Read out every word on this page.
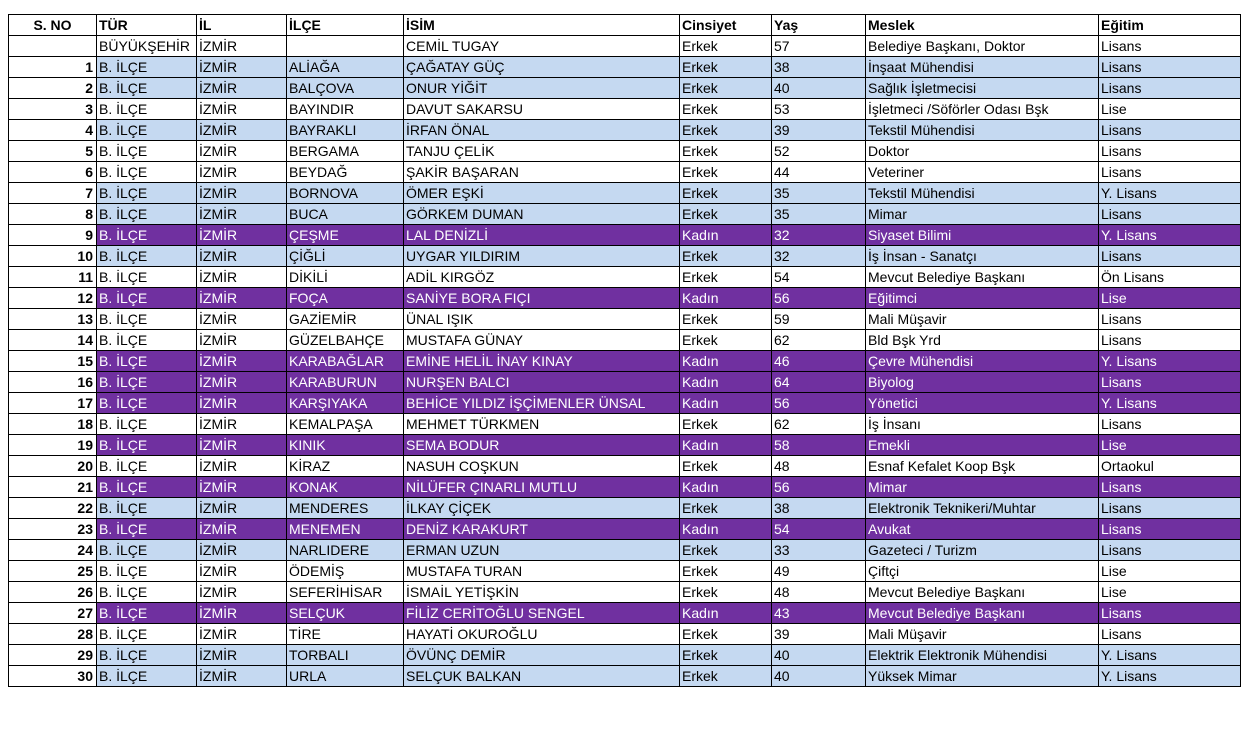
S. NO	TÜR	İL	İLÇE	İSİM	Cinsiyet	Yaş	Meslek	Eğitim
	BÜYÜKŞEHİR	İZMİR		CEMİL TUGAY	Erkek	57	Belediye Başkanı, Doktor	Lisans
1	B. İLÇE	İZMİR	ALİAĞA	ÇAĞATAY GÜÇ	Erkek	38	İnşaat Mühendisi	Lisans
2	B. İLÇE	İZMİR	BALÇOVA	ONUR YİĞİT	Erkek	40	Sağlık İşletmecisi	Lisans
3	B. İLÇE	İZMİR	BAYINDIR	DAVUT SAKARSU	Erkek	53	İşletmeci /Söförler Odası Bşk	Lise
4	B. İLÇE	İZMİR	BAYRAKLI	İRFAN ÖNAL	Erkek	39	Tekstil Mühendisi	Lisans
5	B. İLÇE	İZMİR	BERGAMA	TANJU ÇELİK	Erkek	52	Doktor	Lisans
6	B. İLÇE	İZMİR	BEYDAĞ	ŞAKİR BAŞARAN	Erkek	44	Veteriner	Lisans
7	B. İLÇE	İZMİR	BORNOVA	ÖMER EŞKİ	Erkek	35	Tekstil Mühendisi	Y. Lisans
8	B. İLÇE	İZMİR	BUCA	GÖRKEM DUMAN	Erkek	35	Mimar	Lisans
9	B. İLÇE	İZMİR	ÇEŞME	LAL DENİZLİ	Kadın	32	Siyaset Bilimi	Y. Lisans
10	B. İLÇE	İZMİR	ÇİĞLİ	UYGAR YILDIRIM	Erkek	32	İş İnsan - Sanatçı	Lisans
11	B. İLÇE	İZMİR	DİKİLİ	ADİL KIRGÖZ	Erkek	54	Mevcut Belediye Başkanı	Ön Lisans
12	B. İLÇE	İZMİR	FOÇA	SANİYE BORA FIÇI	Kadın	56	Eğitimci	Lise
13	B. İLÇE	İZMİR	GAZİEMİR	ÜNAL IŞIK	Erkek	59	Mali Müşavir	Lisans
14	B. İLÇE	İZMİR	GÜZELBAHÇE	MUSTAFA GÜNAY	Erkek	62	Bld Bşk Yrd	Lisans
15	B. İLÇE	İZMİR	KARABAĞLAR	EMİNE HELİL İNAY KINAY	Kadın	46	Çevre Mühendisi	Y. Lisans
16	B. İLÇE	İZMİR	KARABURUN	NURŞEN BALCI	Kadın	64	Biyolog	Lisans
17	B. İLÇE	İZMİR	KARŞIYAKA	BEHİCE YILDIZ İŞÇİMENLER ÜNSAL	Kadın	56	Yönetici	Y. Lisans
18	B. İLÇE	İZMİR	KEMALPAŞA	MEHMET TÜRKMEN	Erkek	62	İş İnsanı	Lisans
19	B. İLÇE	İZMİR	KINIK	SEMA BODUR	Kadın	58	Emekli	Lise
20	B. İLÇE	İZMİR	KİRAZ	NASUH COŞKUN	Erkek	48	Esnaf Kefalet Koop Bşk	Ortaokul
21	B. İLÇE	İZMİR	KONAK	NİLÜFER ÇINARLI MUTLU	Kadın	56	Mimar	Lisans
22	B. İLÇE	İZMİR	MENDERES	İLKAY ÇİÇEK	Erkek	38	Elektronik Teknikeri/Muhtar	Lisans
23	B. İLÇE	İZMİR	MENEMEN	DENİZ KARAKURT	Kadın	54	Avukat	Lisans
24	B. İLÇE	İZMİR	NARLIDERE	ERMAN UZUN	Erkek	33	Gazeteci / Turizm	Lisans
25	B. İLÇE	İZMİR	ÖDEMİŞ	MUSTAFA TURAN	Erkek	49	Çiftçi	Lise
26	B. İLÇE	İZMİR	SEFERİHİSAR	İSMAİL YETİŞKİN	Erkek	48	Mevcut Belediye Başkanı	Lise
27	B. İLÇE	İZMİR	SELÇUK	FİLİZ CERİTOĞLU SENGEL	Kadın	43	Mevcut Belediye Başkanı	Lisans
28	B. İLÇE	İZMİR	TİRE	HAYATİ OKUROĞLU	Erkek	39	Mali Müşavir	Lisans
29	B. İLÇE	İZMİR	TORBALI	ÖVÜNÇ DEMİR	Erkek	40	Elektrik Elektronik Mühendisi	Y. Lisans
30	B. İLÇE	İZMİR	URLA	SELÇUK BALKAN	Erkek	40	Yüksek Mimar	Y. Lisans
